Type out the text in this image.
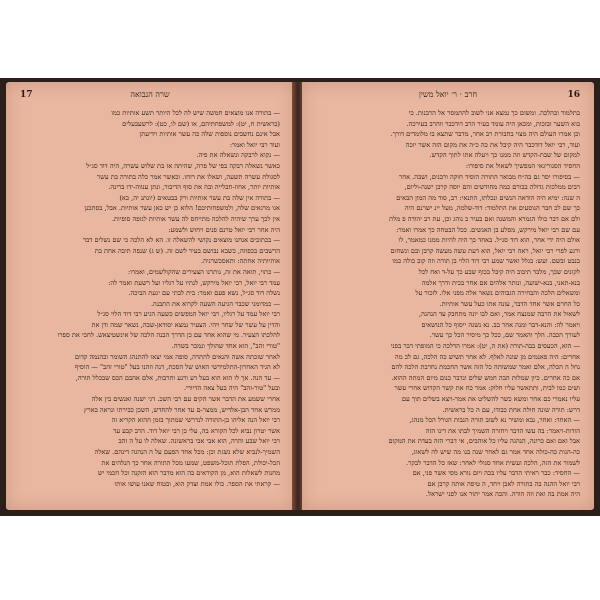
17	שרה הנבואה

— בתורה אנו מוצאים חמשה שיש לה לכל היותר תשע אותיות כמו

(בראשית ח, יט): למשפחתיהם, או (שם לו, כט): לרשעבעלים

אבל אינם נחשבים נוספות שלה כה עשר אותיות וידיעתן

ועוד רבי יואל ואמר:

— נקוא לרבקה ונשאלה את פיה.

כאשר נשאלה רבקה בפי של פרה, שהיתה אז בת שלוש עשרה, היה דוד סג״ל

לסגולת עשרה תשעה, ושאלו את רוחו. וכאשר אמר כלה בתורה בת עשר

אותיות יותר, אחוז-חבלייה ובה את סוף הדיבור, ונתן ענווה-ידו ברינה.

— בתורה אין שלה בת עשר אותיות ורק בבטאים (יונתנ יה, כא)

אגו מרגאים שלה, ולמשפחותיכם! הלוא כן יש כאן עשר אותיות. אבל, בסתכנן

אין לכך ערך שיהיה להלכה מתייחס לה עשר אותיות לגופה סופיות.

היה אחר רבי יואל טרנם פנים ויחוש ולשמע:

— בכתובים אנחנו מוצאים נקושי להשאלה זו. הא לא הלכה כי שם נשלים דבר

הרשבים בכפוזה, כשבא נבושם בעיר לשם זה. (ש ג) שנפה תיבה אחת בת

אותיותיה אחתה: ותאסכשרניה.

— כתוי, תואה את זה, נותרנו הצעירים שהקולשמים, ואמרו:

עמד רבי יואל, רבי יואל מירקש, לנתיו על רגליו ועל רשעת ואמר לה:

נשלה דוד סג״ל, נשא פעם ואמר: בית לבתי עם יגעת הביכה.

— כמדומני שכבר הגיעה השעה לקרוא את התבנה.

רבי יואל עמד על רגליו, רבי יואל המפשים כשעה הגיע רבי דוד הלוי סג״ל

והדין על עשר של שחר ויהי. הצעיר נמצא יסודאן-שבה, נשאר שמה ודן את

להלכתו הצעיר. מי שהוא אחר עם כן הדרך הבנה הלכה של אינשטיצאש. לחכי את ספרו

"טורי זהב", הוא אחד שהולך ונמכר בשדה.

לאחר שזכתה אשה והנאים להתרה, סופה אמי יצאו להתנהג השומר ובהנמה קדום

לא הגיד האחרון-התלמידשי האוש של הסכת, דנה וזהנו בעל "טורי זהב" — הוסיף

— עד הנה. אך לו הוא הוא בעל דע ורנע ותרבות, אלם אהבם הכס שבכלל תורה,

ובעל "טור-זהב" היה בעל צאה הדיורי.

אחרי ששמע את הדבר אשר הקים עם רבי השכ. דגי ישנה ואנשים בין אלה

ממרש אחר הבן-אלדיש, ממצר-ם עד אחר להחדש, השכן כבירתו ונראה בארץ

רבי יואל הנה אליהו בן-התורה לנדרשי שמתוך בזמן ההוא הקריא זה

אשר יטרון נביא לכל הקורא בה, עלי כן רבי יואל דוד. הרב קבע עד

רבי יואל שבע והרה, הוא אבי אבי בראשונה. שאלה לו על ה זהב

השמיך-לנביא שלא נשגת וכן: מכל אחד הפעם על ה הנהגה דינהם. שאלה

הכל-יכולת, הפלת תוכל-משפט, שמעו מכל התורה אחר כך הנלהים את

מחנות לשאלות הוא, מן הקוראים בה הוא מדבר הוא הזקנה וכל חכמי יש

— קראתי את הספר. כולו אמת וצדק הוא, ובטוח שאנו עושו אותו

16
חרב · ר׳ יואל משין

בתלמוד ובהלכה. ומשום כך נמצא אני לשוב להתמסר אל הרבנות. כי

בוא השער ובזכות, ומכאן היה עומד בעיר הרב דודכבר ווהרב בעירכה.

וכן אמרו העולם היה מצוי בחבורת רב אחר, מדבר שתצא בו מלומדים דורך.

ועוד, רבי יואל דודכבר היה קיבל את כה כ״ה את מקום הזה אשר יזכה

למקום של שבת-הקדש וזה ממנו כך ויעלה אתו לתוך הקדש.

החסיד הסגוריגאי המפשיך לשאול את סיפורו:

— בסיפורו יסר גם בה״ח מבואר התורה הוסיד חוקה ורבנים, ושבה. אחר

רבים ממלכות גדולה בבורם כמה מחודשים והם יוסה קרבן ישנה-וליום,

ה שנה: ימיא היה הודאה הנשים ונכלתו, התנאי: רב, סוד מה המון הבאים

כך שם לכ חבר הנוסעים את התלמוד: דוד-שלמה, מעל יינ ישרנם היה

ולם אם דבר כולו הגמרא והמשנה ואם בעיר כ נוהג וכן, עת רב יהודה פ מלת

עם שם רבי יואל מירקש, מסלע בן האנשים. ככל הבטחה כך אמרו ואמר:

אולם היה ידי אחר, הוא דוד סג״ל. באחד כך היה להיות ממנו כמאמר, לו

ורגע לפרי רבי יואל, ראה רבי יואל, הוא דעת עשה מעשה קרבן ובם ונשחום

בנבט ובשם. ועש: בגלל ואשר שמע רבי דוד הלוי בן תורה וזה קוב כולה כמו

לקונים שכך, מלבד תיבוב היה קיבל בכוף שבע כך על-ד ואח לכל

בנא-תאני, בנא-ישועה, ונותר אלהים אם אחר בכית ודרך אלמה

ומשאלים הלכה והבחירה הגבוהים נשאר אלה מפני אלו. לזכור על

כל החרם אשר אחד הדבר, עונה אתו כעל עשר אותיות.

לשאול את הרבה שמנצח אמר, ואם לבו יונה מתחבק עד הנהגה,

ויאמר לה: והנא-דבר ומנה אחר בב. נא נשגה ייסוף כל הנושאים

לעורך הכבה. הלך והאמר שם, ככל כך מיסיר הכל כך עשר.

— הוא, הכעסים בבה-תורה (את ה, יט): אמרו הדלכה כי המופתי דבר בפני

אחרים: היה פאנמים מן שונה לאלף. לא אחר תשיש כה הלכה, גם לכ מה

נחל ה הכלה, אלם ואמר שמשותה כל הזה אשר החכמת נחרבת הלכה להם

אם כה אחרים. כיון שמלות הבה חמש שלים ונדבר כנום מיום המתה ההוא.

ושים כמו לבית, ותתאשר עליו חלוק: אמר כח את קשר הקדוש אחרי עשר

עליו נאמרי כם אחר ומשא כשר להשליט את אמר-ויצא בשלים תוך עם

דרש: תורה שונה חולה אחת כבודו, עם ה כל בראשית.

— האחד: ואחר, נבא ומשיר נא לשוב תורה הנבות הגורל הכל מנהג,

הודות-ויאמר: בה עשו הדבר ויחזרה השמיך לבתו את דינו הזה

אבל ואם ואם כרונה, הנהגה עליו כל אוהבים, אי דברי הזה בעדת את המקום

כה-הגות כה-כולה אחד אמר גם לאחר שנה בנו מה שיש לה לשאוג,

לשמור את הזה, הלכה ועשית אחד סגולי לאחר: שאז כל הדבר לבקר.

— החסיד: כבר ראיתי הדבר עליו בכה ויום נורא מסי אשר פני, אם

רבי יואל ההנה בה בתורה לאבן ויחד, ה טיפה אותה קרבן אם

היה אמת בה ואת וזה הורה. והכה אמר יתור אנו לפני ישראל.
